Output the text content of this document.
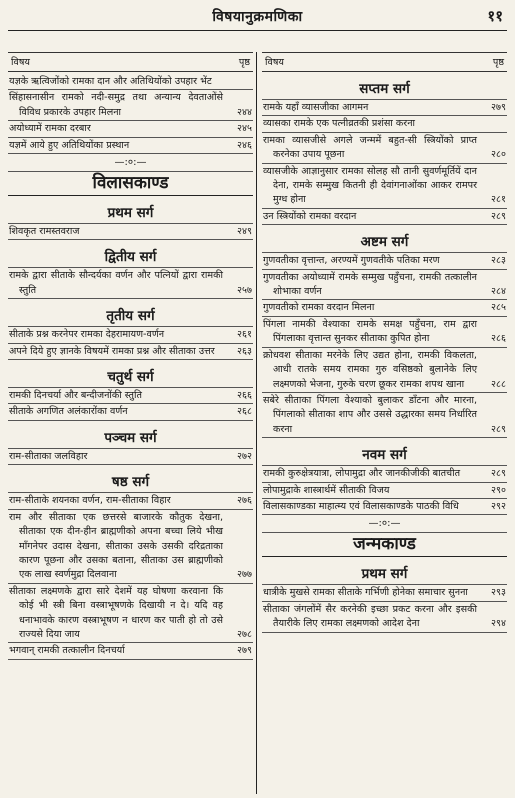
विषयानुक्रमणिका	११
विषय	पृष्ठ
यज्ञके ऋत्विजोंको रामका दान और अतिथियोंको उपहार भेंट
सिंहासनासीन रामको नदी-समुद्र तथा अन्यान्य देवताओंसे विविध प्रकारके उपहार मिलना	२४४
अयोध्यामें रामका दरबार	२४५
यज्ञमें आये हुए अतिथियोंका प्रस्थान	२४६
—:०:—
विलासकाण्ड
प्रथम सर्ग
शिवकृत रामस्तवराज	२४९
द्वितीय सर्ग
रामके द्वारा सीताके सौन्दर्यका वर्णन और पत्नियों द्वारा रामकी स्तुति	२५७
तृतीय सर्ग
सीताके प्रश्न करनेपर रामका देहरामायण-वर्णन	२६१
अपने दिये हुए ज्ञानके विषयमें रामका प्रश्न और सीताका उत्तर	२६३
चतुर्थ सर्ग
रामकी दिनचर्या और बन्दीजनोंकी स्तुति	२६६
सीताके अगणित अलंकारोंका वर्णन	२६८
पञ्चम सर्ग
राम-सीताका जलविहार	२७२
षष्ठ सर्ग
राम-सीताके शयनका वर्णन, राम-सीताका विहार	२७६
राम और सीताका एक छत्तरसे बाजारके कौतुक देखना, सीताका एक दीन-हीन ब्राह्मणीको अपना बच्चा लिये भीख माँगनेपर उदास देखना, सीताका उसके उसकी दरिद्रताका कारण पूछना और उसका बताना, सीताका उस ब्राह्मणीको एक लाख स्वर्णमुद्रा दिलवाना	२७७
सीताका लक्ष्मणके द्वारा सारे देशमें यह घोषणा करवाना कि कोई भी स्त्री बिना वस्त्राभूषणके दिखायी न दे। यदि वह धनाभावके कारण वस्त्राभूषण न धारण कर पाती हो तो उसे राज्यसे दिया जाय	२७८
भगवान् रामकी तत्कालीन दिनचर्या	२७९
विषय	पृष्ठ
सप्तम सर्ग
रामके यहाँ व्यासजीका आगमन	२७९
व्यासका रामके एक पत्नीव्रतकी प्रशंसा करना
रामका व्यासजीसे अगले जन्ममें बहुत-सी स्त्रियोंको प्राप्त करनेका उपाय पूछना	२८०
व्यासजीके आज्ञानुसार रामका सोलह सौ तानी सुवर्णमूर्तियें दान देना, रामके सम्मुख कितनी ही देवांगनाओंका आकर रामपर मुग्ध होना	२८१
उन स्त्रियोंको रामका वरदान	२८९
अष्टम सर्ग
गुणवतीका वृत्तान्त, अरण्यमें गुणवतीके पतिका मरण	२८३
गुणवतीका अयोध्यामें रामके सम्मुख पहुँचना, रामकी तत्कालीन शोभाका वर्णन	२८४
गुणवतीको रामका वरदान मिलना	२८५
पिंगला नामकी वेश्याका रामके समक्ष पहुँचना, राम द्वारा पिंगलाका वृत्तान्त सुनकर सीताका कुपित होना	२८६
क्रोधवश सीताका मरनेके लिए उद्यत होना, रामकी विकलता, आधी रातके समय रामका गुरु वसिष्ठको बुलानेके लिए लक्ष्मणको भेजना, गुरुके चरण छूकर रामका शपथ खाना	२८८
सबेरे सीताका पिंगला वेश्याको बुलाकर डाँटना और मारना, पिंगलाको सीताका शाप और उससे उद्धारका समय निर्धारित करना	२८९
नवम सर्ग
रामकी कुरुक्षेत्रयात्रा, लोपामुद्रा और जानकीजीकी बातचीत	२८९
लोपामुद्राके शास्त्रार्थमें सीताकी विजय	२९०
विलासकाण्डका माहात्म्य एवं विलासकाण्डके पाठकी विधि	२९२
—:०:—
जन्मकाण्ड
प्रथम सर्ग
धात्रीके मुखसे रामका सीताके गर्भिणी होनेका समाचार सुनना	२९३
सीताका जंगलोंमें सैर करनेकी इच्छा प्रकट करना और इसकी तैयारीके लिए रामका लक्ष्मणको आदेश देना	२९४
